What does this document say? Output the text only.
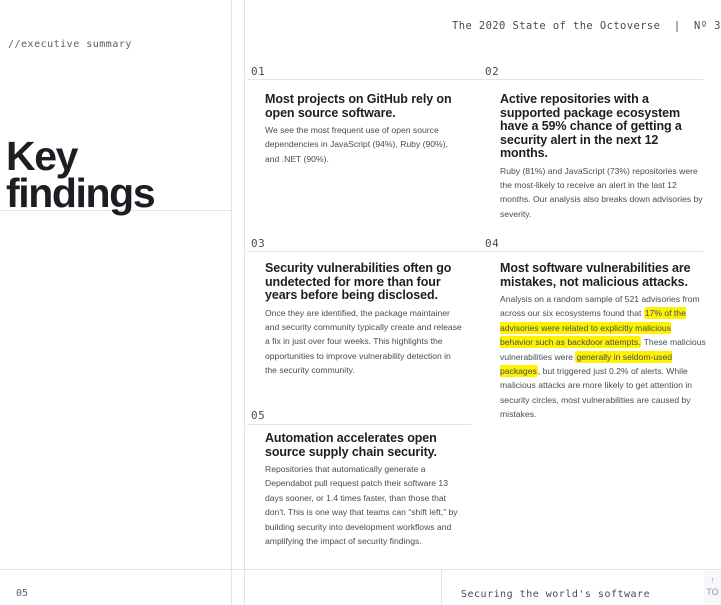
The 2020 State of the Octoverse | Nº 3
//executive summary
Key
findings
01
Most projects on GitHub rely on open source software.

We see the most frequent use of open source dependencies in JavaScript (94%), Ruby (90%), and .NET (90%).

02
Active repositories with a supported package ecosystem have a 59% chance of getting a security alert in the next 12 months.

Ruby (81%) and JavaScript (73%) repositories were the most-likely to receive an alert in the last 12 months. Our analysis also breaks down advisories by severity.

03
Security vulnerabilities often go undetected for more than four years before being disclosed.

Once they are identified, the package maintainer and security community typically create and release a fix in just over four weeks. This highlights the opportunities to improve vulnerability detection in the security community.

04
Most software vulnerabilities are mistakes, not malicious attacks.

Analysis on a random sample of 521 advisories from across our six ecosystems found that 17% of the advisories were related to explicitly malicious behavior such as backdoor attempts. These malicious vulnerabilities were generally in seldom-used packages, but triggered just 0.2% of alerts. While malicious attacks are more likely to get attention in security circles, most vulnerabilities are caused by mistakes.

05
Automation accelerates open source supply chain security.

Repositories that automatically generate a Dependabot pull request patch their software 13 days sooner, or 1.4 times faster, than those that don't. This is one way that teams can “shift left,” by building security into development workflows and amplifying the impact of security findings.

05	Securing the world's software
↑
TO
